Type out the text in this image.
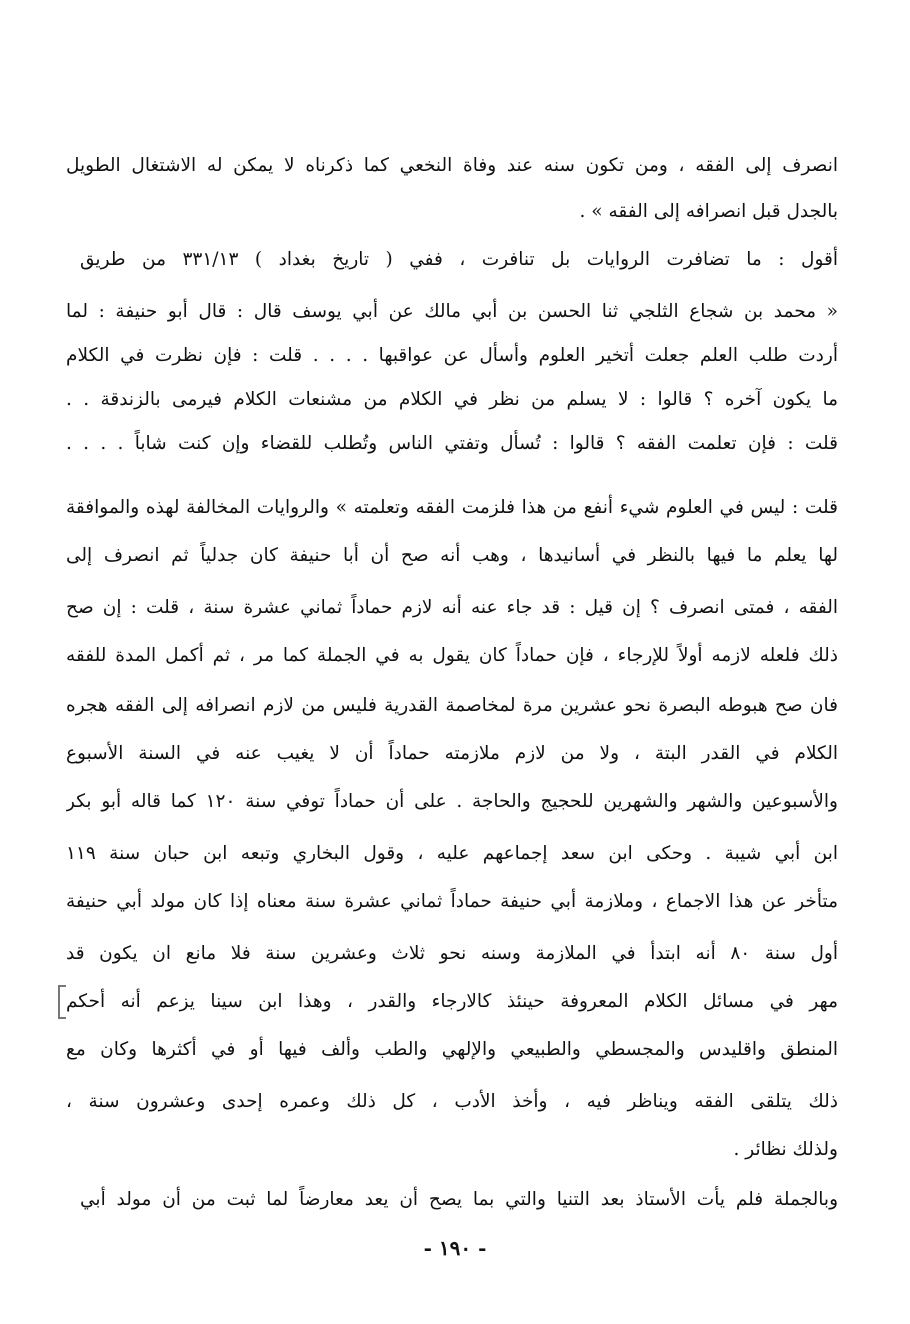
انصرف إلى الفقه ، ومن تكون سنه عند وفاة النخعي كما ذكرناه لا يمكن له الاشتغال الطويل
بالجدل قبل انصرافه إلى الفقه » .
أقول : ما تضافرت الروايات بل تنافرت ، ففي ( تاريخ بغداد ) ٣٣١/١٣ من طريق
« محمد بن شجاع الثلجي ثنا الحسن بن أبي مالك عن أبي يوسف قال : قال أبو حنيفة : لما
أردت طلب العلم جعلت أتخير العلوم وأسأل عن عواقبها . . . . قلت : فإن نظرت في الكلام
ما يكون آخره ؟ قالوا : لا يسلم من نظر في الكلام من مشنعات الكلام فيرمى بالزندقة . .
قلت : فإن تعلمت الفقه ؟ قالوا : تُسأل وتفتي الناس وتُطلب للقضاء وإن كنت شاباً . . . .
قلت : ليس في العلوم شيء أنفع من هذا فلزمت الفقه وتعلمته » والروايات المخالفة لهذه والموافقة
لها يعلم ما فيها بالنظر في أسانيدها ، وهب أنه صح أن أبا حنيفة كان جدلياً ثم انصرف إلى
الفقه ، فمتى انصرف ؟ إن قيل : قد جاء عنه أنه لازم حماداً ثماني عشرة سنة ، قلت : إن صح
ذلك فلعله لازمه أولاً للإرجاء ، فإن حماداً كان يقول به في الجملة كما مر ، ثم أكمل المدة للفقه
فان صح هبوطه البصرة نحو عشرين مرة لمخاصمة القدرية فليس من لازم انصرافه إلى الفقه هجره
الكلام في القدر البتة ، ولا من لازم ملازمته حماداً أن لا يغيب عنه في السنة الأسبوع
والأسبوعين والشهر والشهرين للحجيج والحاجة . على أن حماداً توفي سنة ١٢٠ كما قاله أبو بكر
ابن أبي شيبة . وحكى ابن سعد إجماعهم عليه ، وقول البخاري وتبعه ابن حبان سنة ١١٩
متأخر عن هذا الاجماع ، وملازمة أبي حنيفة حماداً ثماني عشرة سنة معناه إذا كان مولد أبي حنيفة
أول سنة ٨٠ أنه ابتدأ في الملازمة وسنه نحو ثلاث وعشرين سنة فلا مانع ان يكون قد
مهر في مسائل الكلام المعروفة حينئذ كالارجاء والقدر ، وهذا ابن سينا يزعم أنه أحكم
المنطق واقليدس والمجسطي والطبيعي والإلهي والطب وألف فيها أو في أكثرها وكان مع
ذلك يتلقى الفقه ويناظر فيه ، وأخذ الأدب ، كل ذلك وعمره إحدى وعشرون سنة ،
ولذلك نظائر .
وبالجملة فلم يأت الأستاذ بعد التنيا والتي بما يصح أن يعد معارضاً لما ثبت من أن مولد أبي
- ١٩٠ -
